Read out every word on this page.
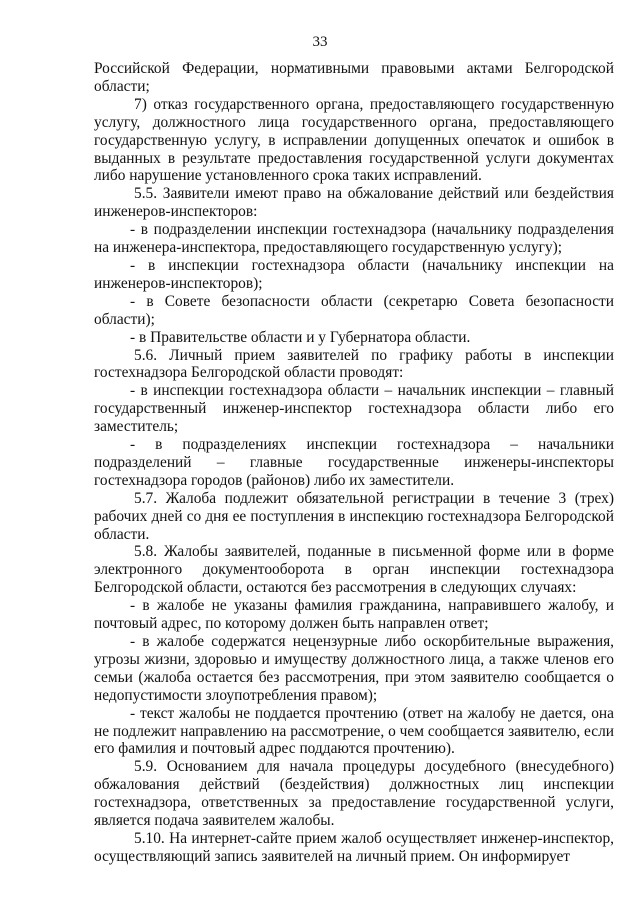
33

Российской Федерации, нормативными правовыми актами Белгородской области;

7) отказ государственного органа, предоставляющего государственную услугу, должностного лица государственного органа, предоставляющего государственную услугу, в исправлении допущенных опечаток и ошибок в выданных в результате предоставления государственной услуги документах либо нарушение установленного срока таких исправлений.

5.5. Заявители имеют право на обжалование действий или бездействия инженеров-инспекторов:

- в подразделении инспекции гостехнадзора (начальнику подразделения на инженера-инспектора, предоставляющего государственную услугу);

- в инспекции гостехнадзора области (начальнику инспекции на инженеров-инспекторов);

- в Совете безопасности области (секретарю Совета безопасности области);

- в Правительстве области и у Губернатора области.

5.6. Личный прием заявителей по графику работы в инспекции гостехнадзора Белгородской области проводят:

- в инспекции гостехнадзора области – начальник инспекции – главный государственный инженер-инспектор гостехнадзора области либо его заместитель;

- в подразделениях инспекции гостехнадзора – начальники подразделений – главные государственные инженеры-инспекторы гостехнадзора городов (районов) либо их заместители.

5.7. Жалоба подлежит обязательной регистрации в течение 3 (трех) рабочих дней со дня ее поступления в инспекцию гостехнадзора Белгородской области.

5.8. Жалобы заявителей, поданные в письменной форме или в форме электронного документооборота в орган инспекции гостехнадзора Белгородской области, остаются без рассмотрения в следующих случаях:

- в жалобе не указаны фамилия гражданина, направившего жалобу, и почтовый адрес, по которому должен быть направлен ответ;

- в жалобе содержатся нецензурные либо оскорбительные выражения, угрозы жизни, здоровью и имуществу должностного лица, а также членов его семьи (жалоба остается без рассмотрения, при этом заявителю сообщается о недопустимости злоупотребления правом);

- текст жалобы не поддается прочтению (ответ на жалобу не дается, она не подлежит направлению на рассмотрение, о чем сообщается заявителю, если его фамилия и почтовый адрес поддаются прочтению).

5.9. Основанием для начала процедуры досудебного (внесудебного) обжалования действий (бездействия) должностных лиц инспекции гостехнадзора, ответственных за предоставление государственной услуги, является подача заявителем жалобы.

5.10. На интернет-сайте прием жалоб осуществляет инженер-инспектор, осуществляющий запись заявителей на личный прием. Он информирует
